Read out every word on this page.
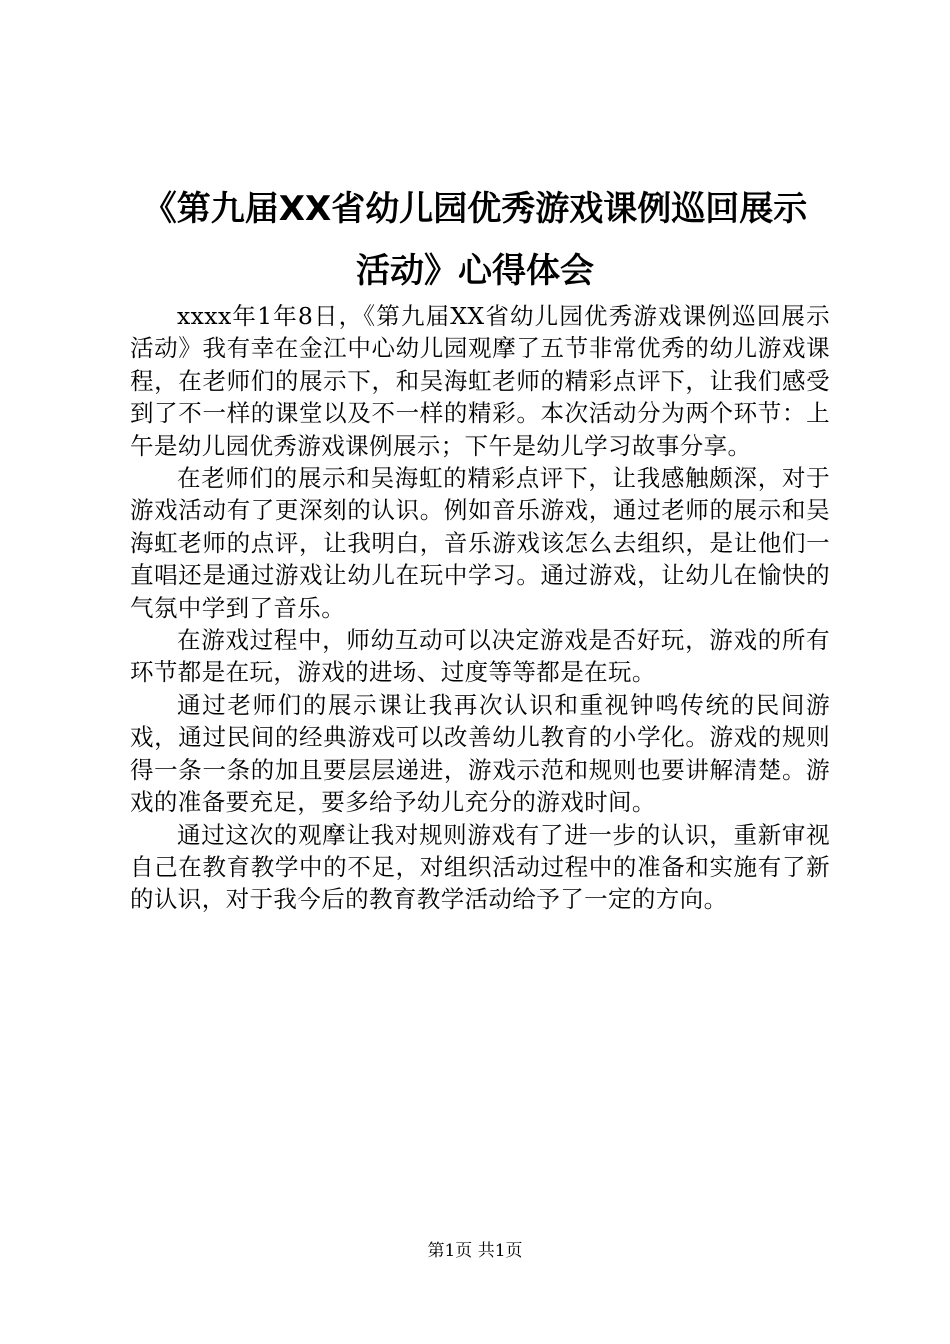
《第九届XX省幼儿园优秀游戏课例巡回展示
活动》心得体会

xxxx年1年8日，《第九届XX省幼儿园优秀游戏课例巡回展示活动》我有幸在金江中心幼儿园观摩了五节非常优秀的幼儿游戏课程，在老师们的展示下，和吴海虹老师的精彩点评下，让我们感受到了不一样的课堂以及不一样的精彩。本次活动分为两个环节：上午是幼儿园优秀游戏课例展示；下午是幼儿学习故事分享。

在老师们的展示和吴海虹的精彩点评下，让我感触颇深，对于游戏活动有了更深刻的认识。例如音乐游戏，通过老师的展示和吴海虹老师的点评，让我明白，音乐游戏该怎么去组织，是让他们一直唱还是通过游戏让幼儿在玩中学习。通过游戏，让幼儿在愉快的气氛中学到了音乐。

在游戏过程中，师幼互动可以决定游戏是否好玩，游戏的所有环节都是在玩，游戏的进场、过度等等都是在玩。

通过老师们的展示课让我再次认识和重视钟鸣传统的民间游戏，通过民间的经典游戏可以改善幼儿教育的小学化。游戏的规则得一条一条的加且要层层递进，游戏示范和规则也要讲解清楚。游戏的准备要充足，要多给予幼儿充分的游戏时间。

通过这次的观摩让我对规则游戏有了进一步的认识，重新审视自己在教育教学中的不足，对组织活动过程中的准备和实施有了新的认识，对于我今后的教育教学活动给予了一定的方向。

第1页 共1页
